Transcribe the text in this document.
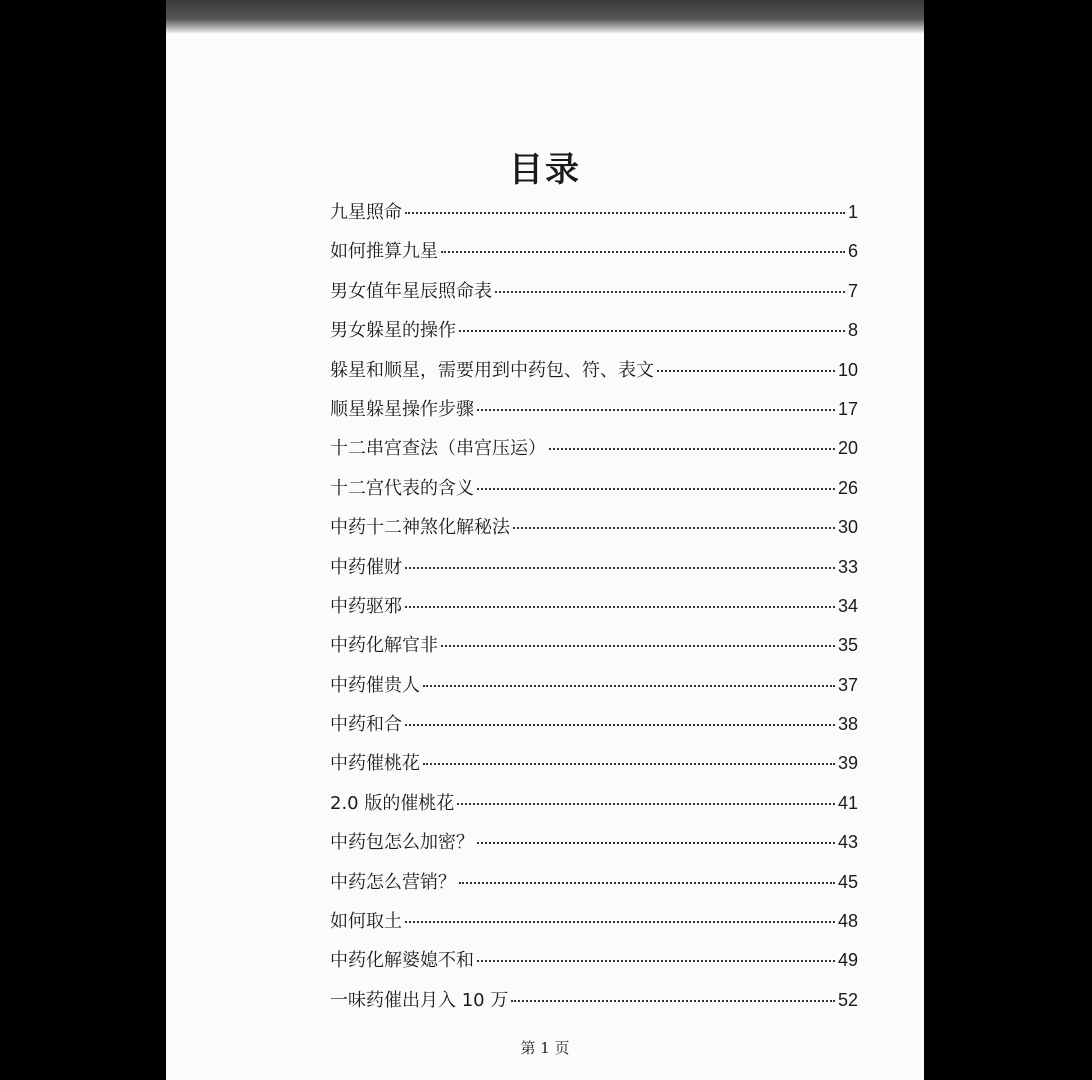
目录
九星照命	1
如何推算九星	6
男女值年星辰照命表	7
男女躲星的操作	8
躲星和顺星，需要用到中药包、符、表文	10
顺星躲星操作步骤	17
十二串宫查法（串宫压运）	20
十二宫代表的含义	26
中药十二神煞化解秘法	30
中药催财	33
中药驱邪	34
中药化解官非	35
中药催贵人	37
中药和合	38
中药催桃花	39
2.0 版的催桃花	41
中药包怎么加密？	43
中药怎么营销？	45
如何取土	48
中药化解婆媳不和	49
一味药催出月入 10 万	52
第 1 页
